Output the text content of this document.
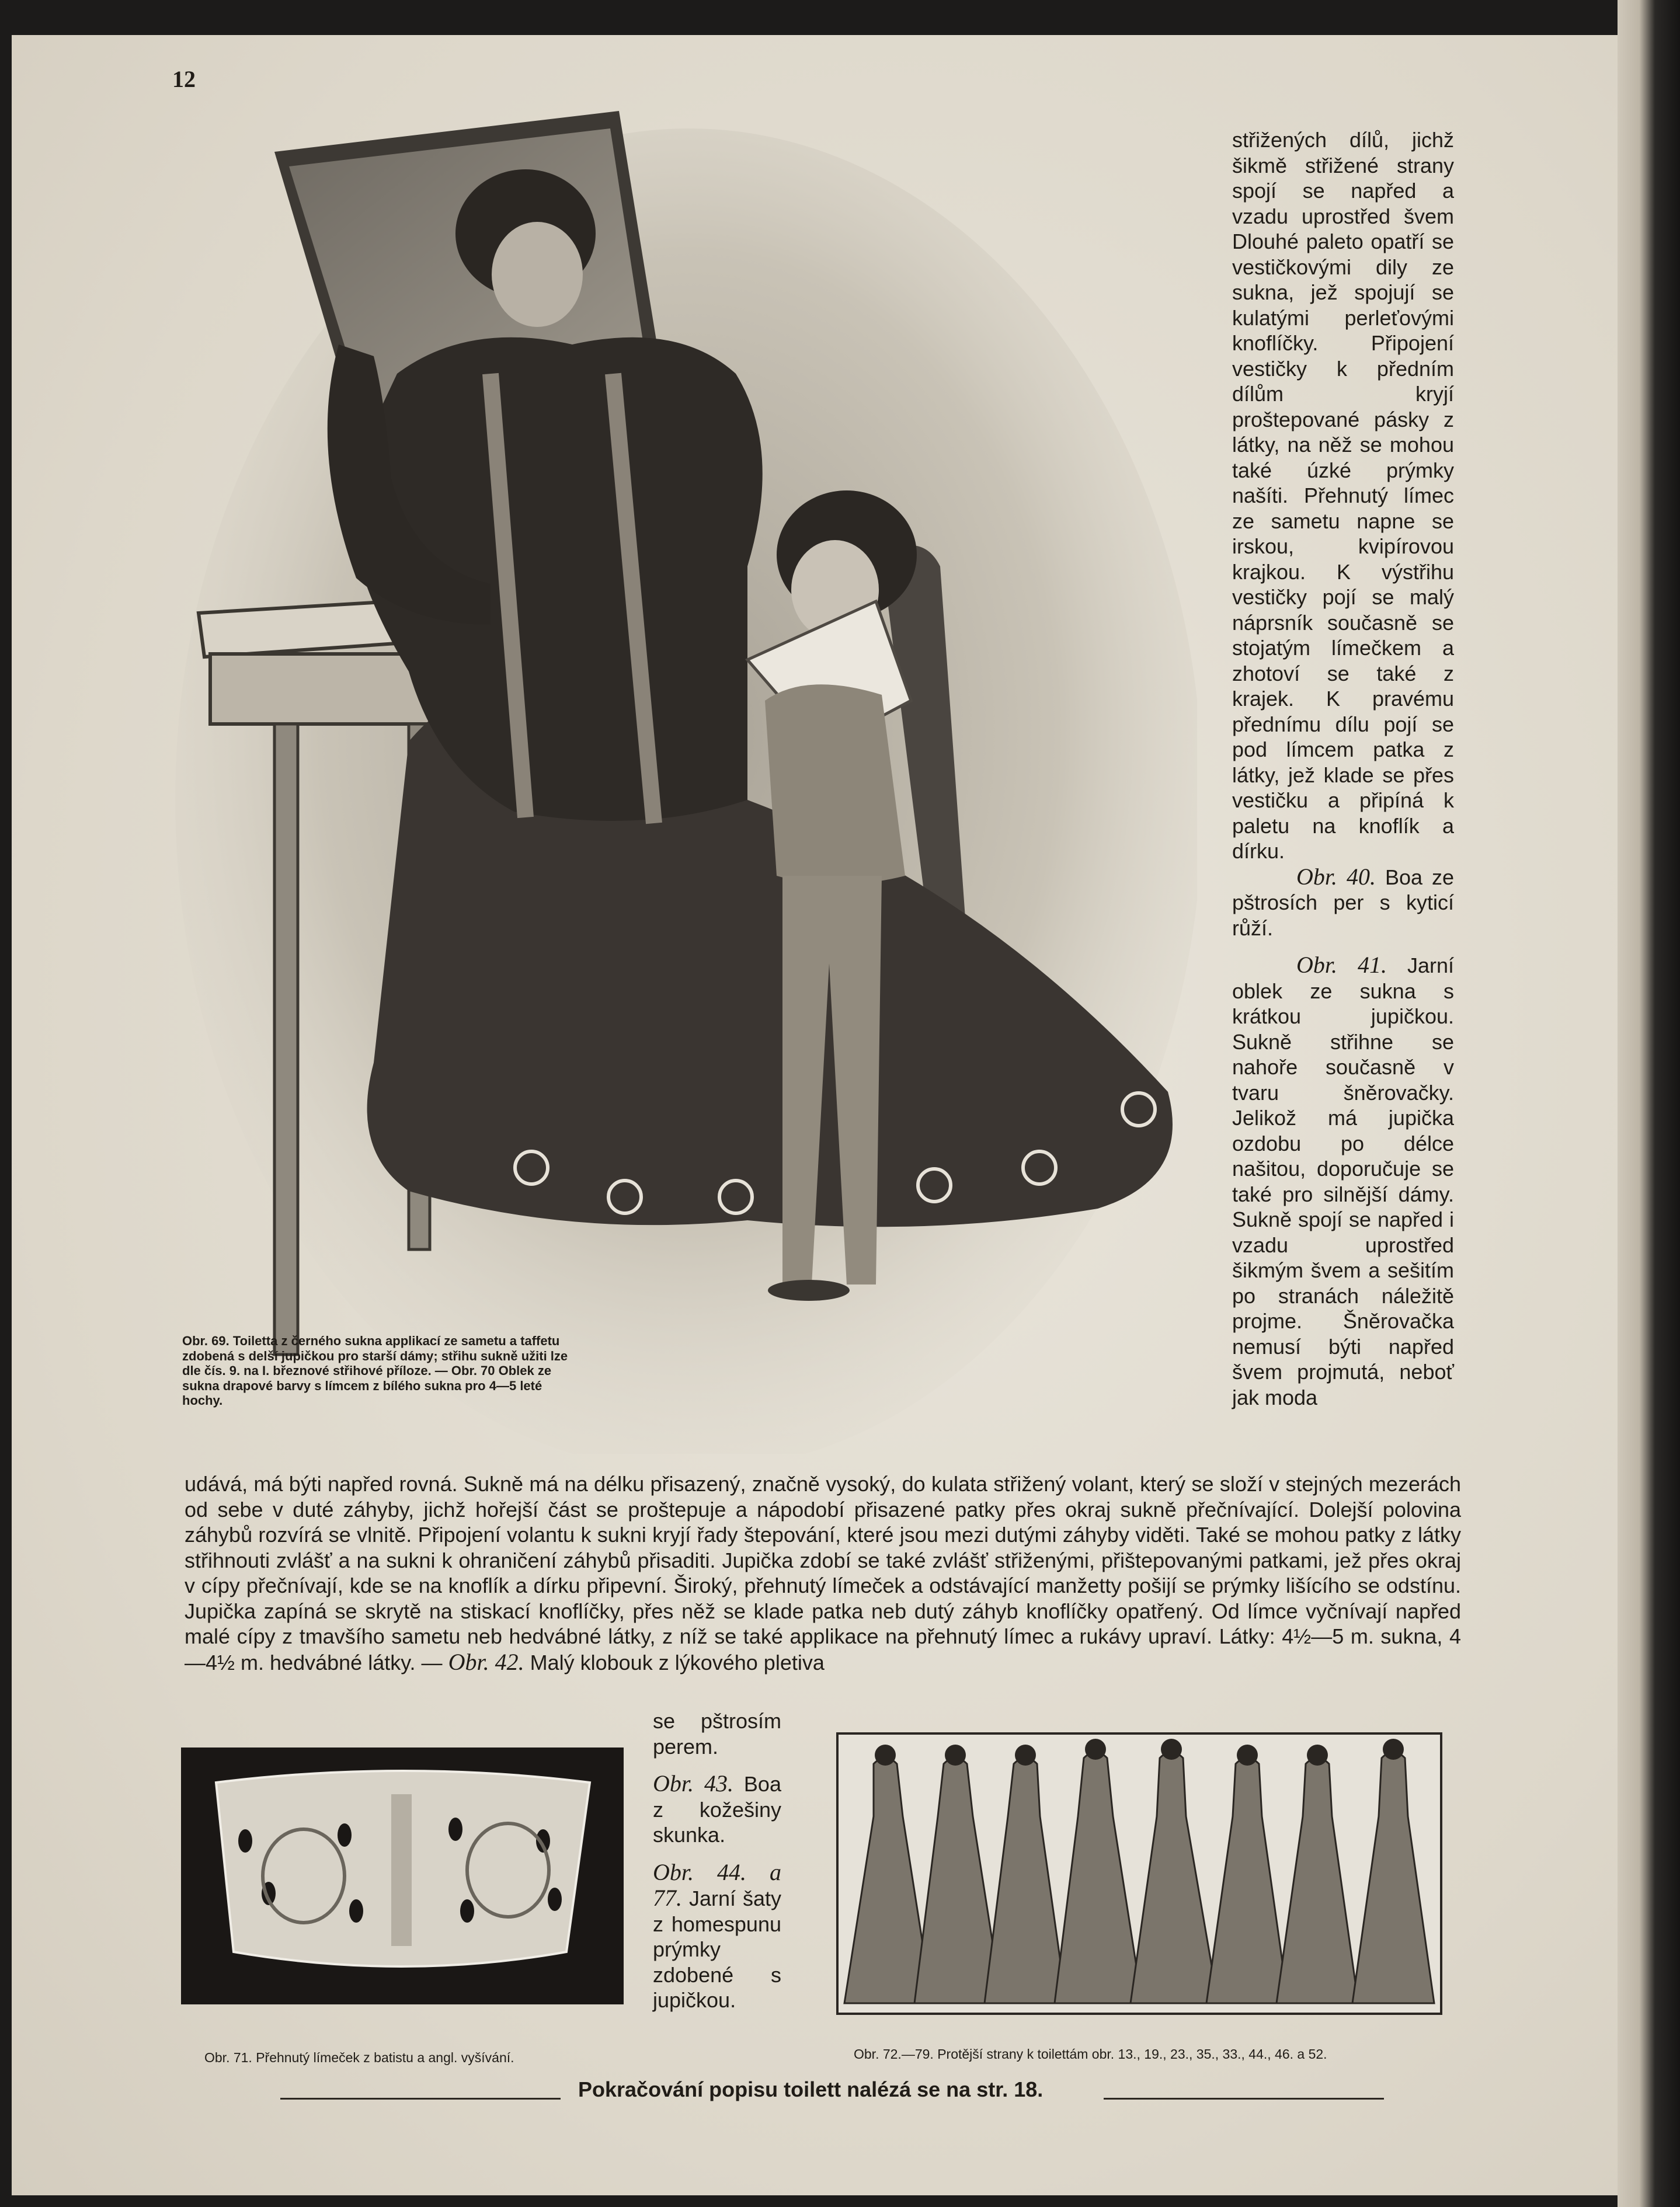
12
Obr. 69. Toiletta z černého sukna applikací ze sametu a taffetu zdobená s delší jupičkou pro starší dámy; střihu sukně užiti lze dle čís. 9. na I. březnové střihové příloze. — Obr. 70 Oblek ze sukna drapové barvy s límcem z bílého sukna pro 4—5 leté hochy.

střižených dílů, jichž šikmě střižené strany spojí se napřed a vzadu uprostřed švem Dlouhé paleto opatří se vestičkovými dily ze sukna, jež spojují se kulatými perleťovými knoflíčky. Připojení vestičky k předním dílům kryjí proštepované pásky z látky, na něž se mohou také úzké prýmky našíti. Přehnutý límec ze sametu napne se irskou, kvipírovou krajkou. K výstřihu vestičky pojí se malý náprsník současně se stojatým límečkem a zhotoví se také z krajek. K pravému přednímu dílu pojí se pod límcem patka z látky, jež klade se přes vestičku a připíná k paletu na knoflík a dírku.

Obr. 40. Boa ze pštrosích per s kyticí růží.

Obr. 41. Jarní oblek ze sukna s krátkou jupičkou. Sukně střihne se nahoře současně v tvaru šněrovačky. Jelikož má jupička ozdobu po délce našitou, doporučuje se také pro silnější dámy. Sukně spojí se napřed i vzadu uprostřed šikmým švem a sešitím po stranách náležitě projme. Šněrovačka nemusí býti napřed švem projmutá, neboť jak moda

udává, má býti napřed rovná. Sukně má na délku přisazený, značně vysoký, do kulata střižený volant, který se složí v stejných mezerách od sebe v duté záhyby, jichž hořejší část se proštepuje a nápodobí přisazené patky přes okraj sukně přečnívající. Dolejší polovina záhybů rozvírá se vlnitě. Připojení volantu k sukni kryjí řady štepování, které jsou mezi dutými záhyby viděti. Také se mohou patky z látky střihnouti zvlášť a na sukni k ohraničení záhybů přisaditi. Jupička zdobí se také zvlášť střiženými, přištepovanými patkami, jež přes okraj v cípy přečnívají, kde se na knoflík a dírku připevní. Široký, přehnutý límeček a odstávající manžetty pošijí se prýmky lišícího se odstínu. Jupička zapíná se skrytě na stiskací knoflíčky, přes něž se klade patka neb dutý záhyb knoflíčky opatřený. Od límce vyčnívají napřed malé cípy z tmavšího sametu neb hedvábné látky, z níž se také applikace na přehnutý límec a rukávy upraví. Látky: 4½—5 m. sukna, 4—4½ m. hedvábné látky. — Obr. 42. Malý klobouk z lýkového pletiva
Obr. 71. Přehnutý límeček z batistu a angl. vyšívání.

se pštrosím perem.

Obr. 43. Boa z kožešiny skunka.

Obr. 44. a 77. Jarní šaty z homespunu prýmky zdobené s jupičkou.

Obr. 72.—79. Protější strany k toilettám obr. 13., 19., 23., 35., 33., 44., 46. a 52.
Pokračování popisu toilett nalézá se na str. 18.
